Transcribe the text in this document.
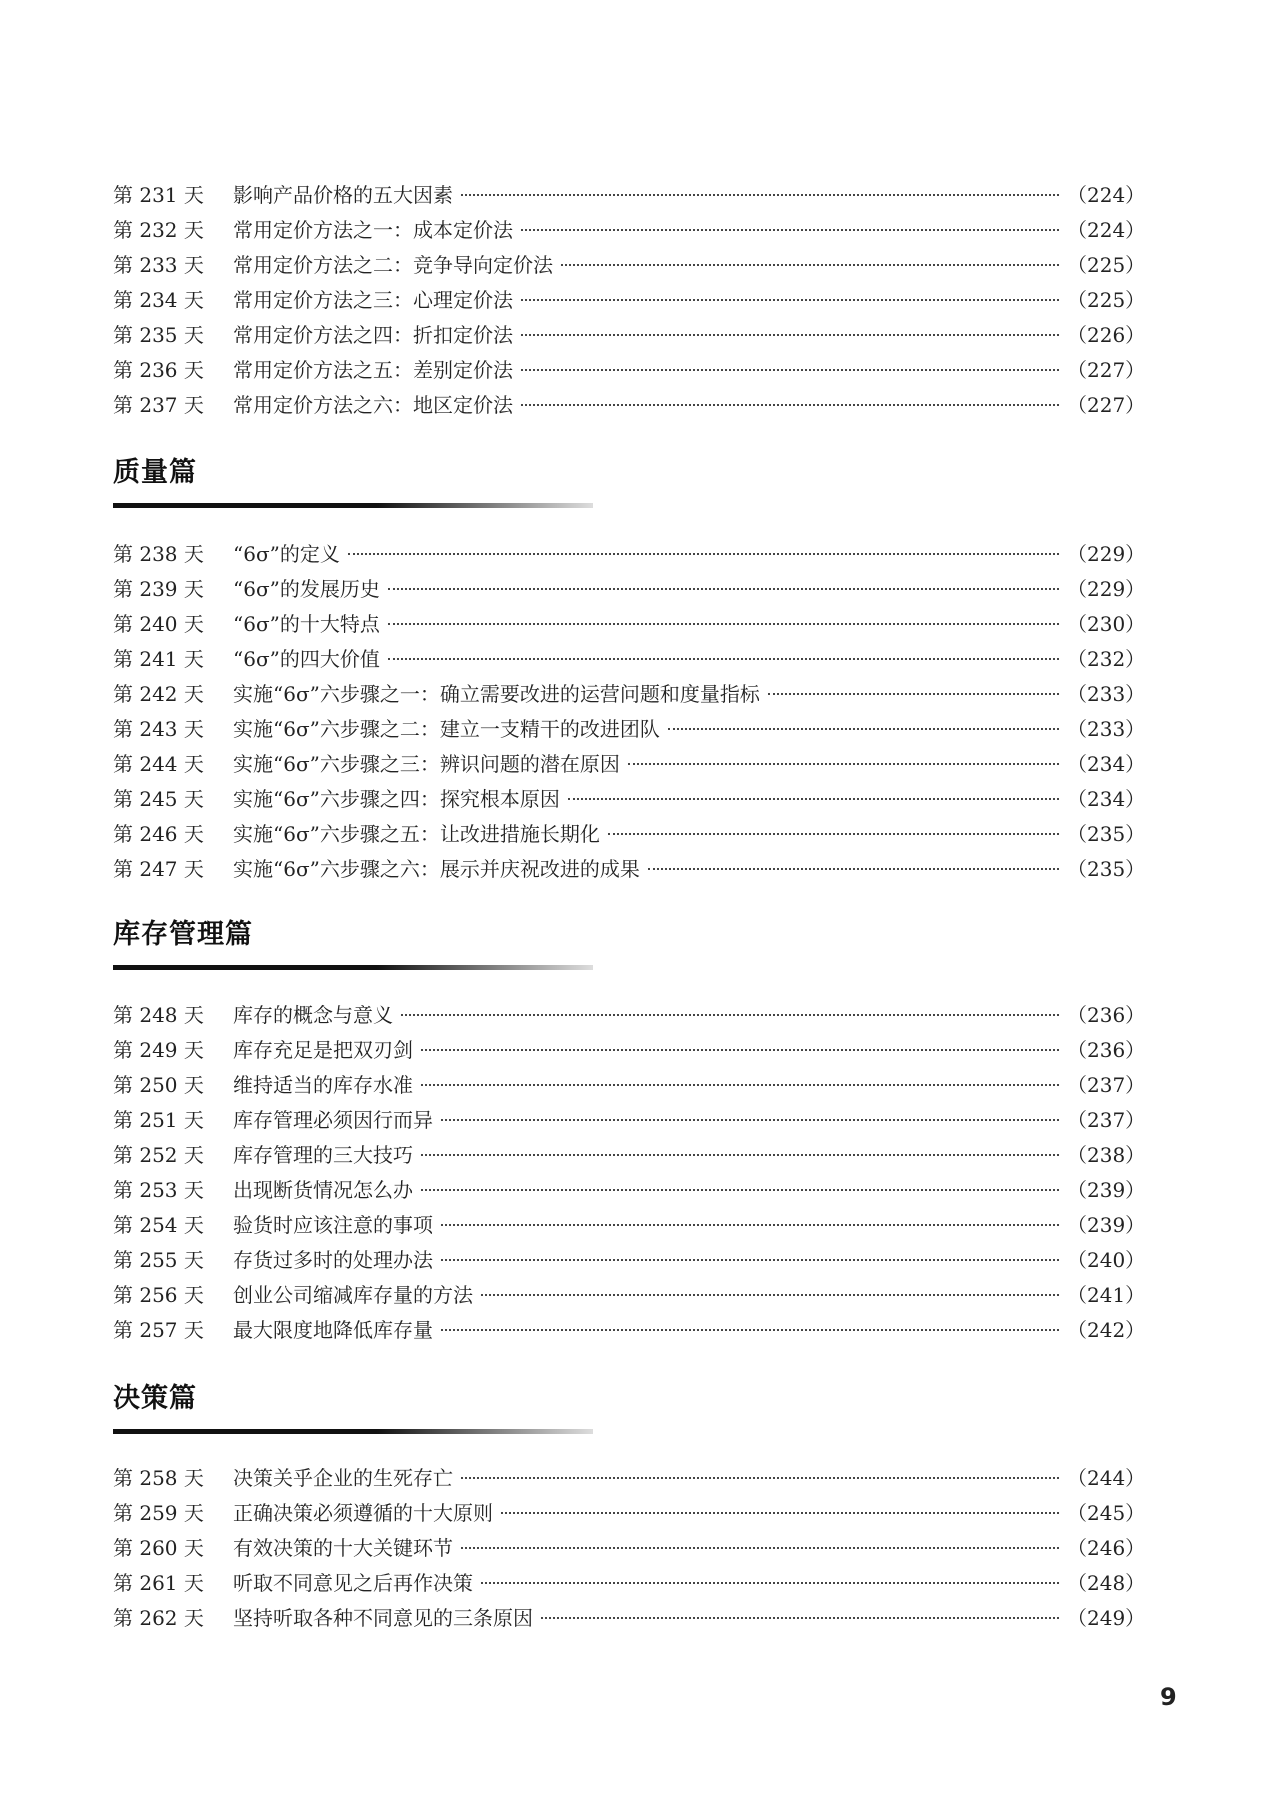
第 231 天	影响产品价格的五大因素	（224）
第 232 天	常用定价方法之一：成本定价法	（224）
第 233 天	常用定价方法之二：竞争导向定价法	（225）
第 234 天	常用定价方法之三：心理定价法	（225）
第 235 天	常用定价方法之四：折扣定价法	（226）
第 236 天	常用定价方法之五：差别定价法	（227）
第 237 天	常用定价方法之六：地区定价法	（227）
质量篇
第 238 天	“6σ”的定义	（229）
第 239 天	“6σ”的发展历史	（229）
第 240 天	“6σ”的十大特点	（230）
第 241 天	“6σ”的四大价值	（232）
第 242 天	实施“6σ”六步骤之一：确立需要改进的运营问题和度量指标	（233）
第 243 天	实施“6σ”六步骤之二：建立一支精干的改进团队	（233）
第 244 天	实施“6σ”六步骤之三：辨识问题的潜在原因	（234）
第 245 天	实施“6σ”六步骤之四：探究根本原因	（234）
第 246 天	实施“6σ”六步骤之五：让改进措施长期化	（235）
第 247 天	实施“6σ”六步骤之六：展示并庆祝改进的成果	（235）
库存管理篇
第 248 天	库存的概念与意义	（236）
第 249 天	库存充足是把双刃剑	（236）
第 250 天	维持适当的库存水准	（237）
第 251 天	库存管理必须因行而异	（237）
第 252 天	库存管理的三大技巧	（238）
第 253 天	出现断货情况怎么办	（239）
第 254 天	验货时应该注意的事项	（239）
第 255 天	存货过多时的处理办法	（240）
第 256 天	创业公司缩减库存量的方法	（241）
第 257 天	最大限度地降低库存量	（242）
决策篇
第 258 天	决策关乎企业的生死存亡	（244）
第 259 天	正确决策必须遵循的十大原则	（245）
第 260 天	有效决策的十大关键环节	（246）
第 261 天	听取不同意见之后再作决策	（248）
第 262 天	坚持听取各种不同意见的三条原因	（249）
9
